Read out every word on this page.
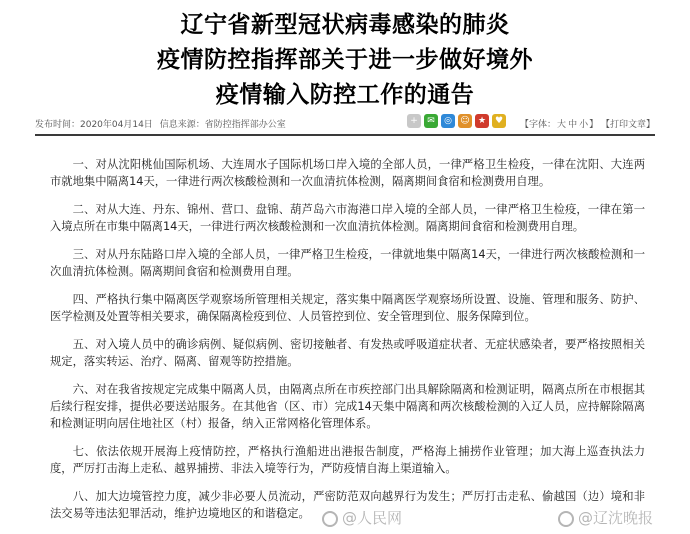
辽宁省新型冠状病毒感染的肺炎
疫情防控指挥部关于进一步做好境外
疫情输入防控工作的通告
发布时间：2020年04月14日 信息来源：省防控指挥部办公室	+	✉	◎ ☺ ★ ♥	【字体：大 中 小】 【打印文章】

一、对从沈阳桃仙国际机场、大连周水子国际机场口岸入境的全部人员，一律严格卫生检疫，一律在沈阳、大连两市就地集中隔离14天，一律进行两次核酸检测和一次血清抗体检测，隔离期间食宿和检测费用自理。

二、对从大连、丹东、锦州、营口、盘锦、葫芦岛六市海港口岸入境的全部人员，一律严格卫生检疫，一律在第一入境点所在市集中隔离14天，一律进行两次核酸检测和一次血清抗体检测。隔离期间食宿和检测费用自理。

三、对从丹东陆路口岸入境的全部人员，一律严格卫生检疫，一律就地集中隔离14天，一律进行两次核酸检测和一次血清抗体检测。隔离期间食宿和检测费用自理。

四、严格执行集中隔离医学观察场所管理相关规定，落实集中隔离医学观察场所设置、设施、管理和服务、防护、医学检测及处置等相关要求，确保隔离检疫到位、人员管控到位、安全管理到位、服务保障到位。

五、对入境人员中的确诊病例、疑似病例、密切接触者、有发热或呼吸道症状者、无症状感染者，要严格按照相关规定，落实转运、治疗、隔离、留观等防控措施。

六、对在我省按规定完成集中隔离人员，由隔离点所在市疾控部门出具解除隔离和检测证明，隔离点所在市根据其后续行程安排，提供必要送站服务。在其他省（区、市）完成14天集中隔离和两次核酸检测的入辽人员，应持解除隔离和检测证明向居住地社区（村）报备，纳入正常网格化管理体系。

七、依法依规开展海上疫情防控，严格执行渔船进出港报告制度，严格海上捕捞作业管理；加大海上巡查执法力度，严厉打击海上走私、越界捕捞、非法入境等行为，严防疫情自海上渠道输入。

八、加大边境管控力度，减少非必要人员流动，严密防范双向越界行为发生；严厉打击走私、偷越国（边）境和非法交易等违法犯罪活动，维护边境地区的和谐稳定。	@人民网	@辽沈晚报
